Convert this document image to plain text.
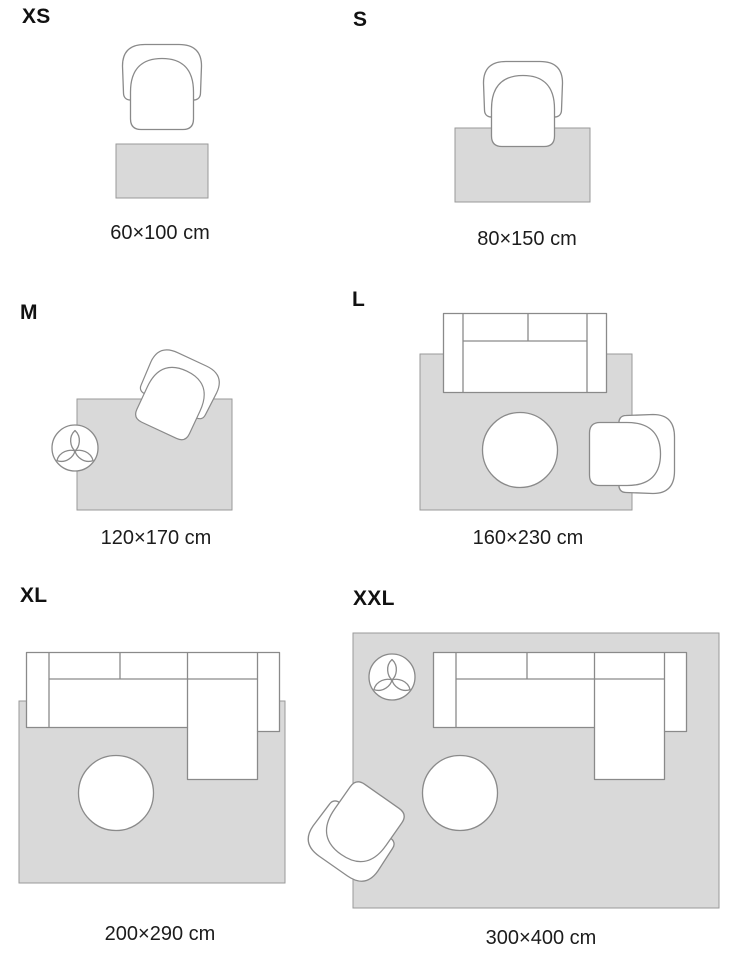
XS	S
M
L
XL	XXL
60×100 cm	80×150 cm
120×170 cm	160×230 cm
200×290 cm	300×400 cm
